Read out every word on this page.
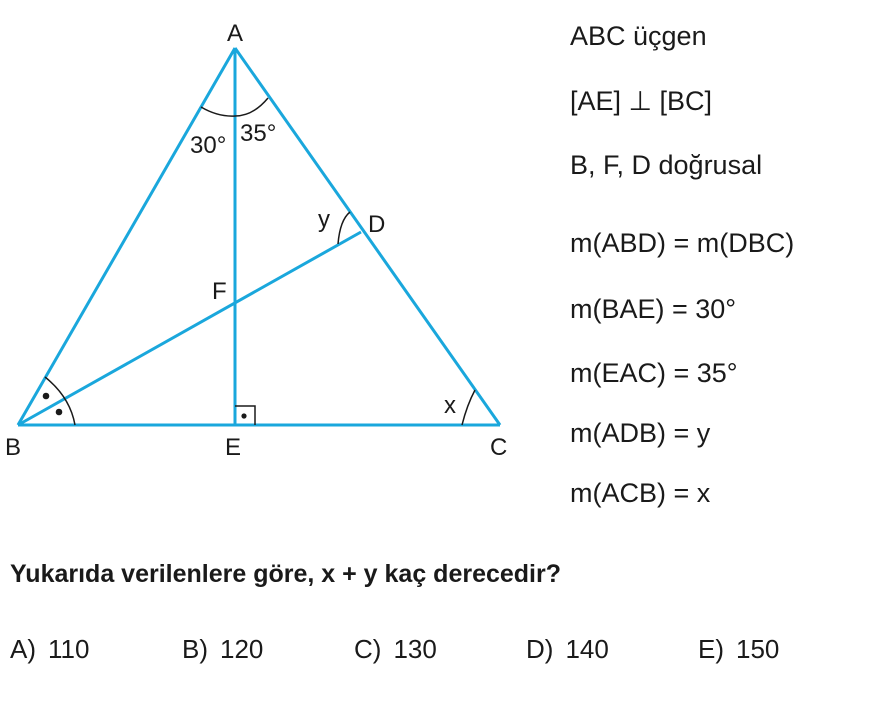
A
B	C
D
E
F
30° 35°
y
x
ABC üçgen
[AE] ⊥ [BC]
B, F, D doğrusal
m(ABD) = m(DBC)
m(BAE) = 30°
m(EAC) = 35°
m(ADB) = y
m(ACB) = x
Yukarıda verilenlere göre, x + y kaç derecedir?
A) 110	B) 120	C) 130	D) 140	E) 150
